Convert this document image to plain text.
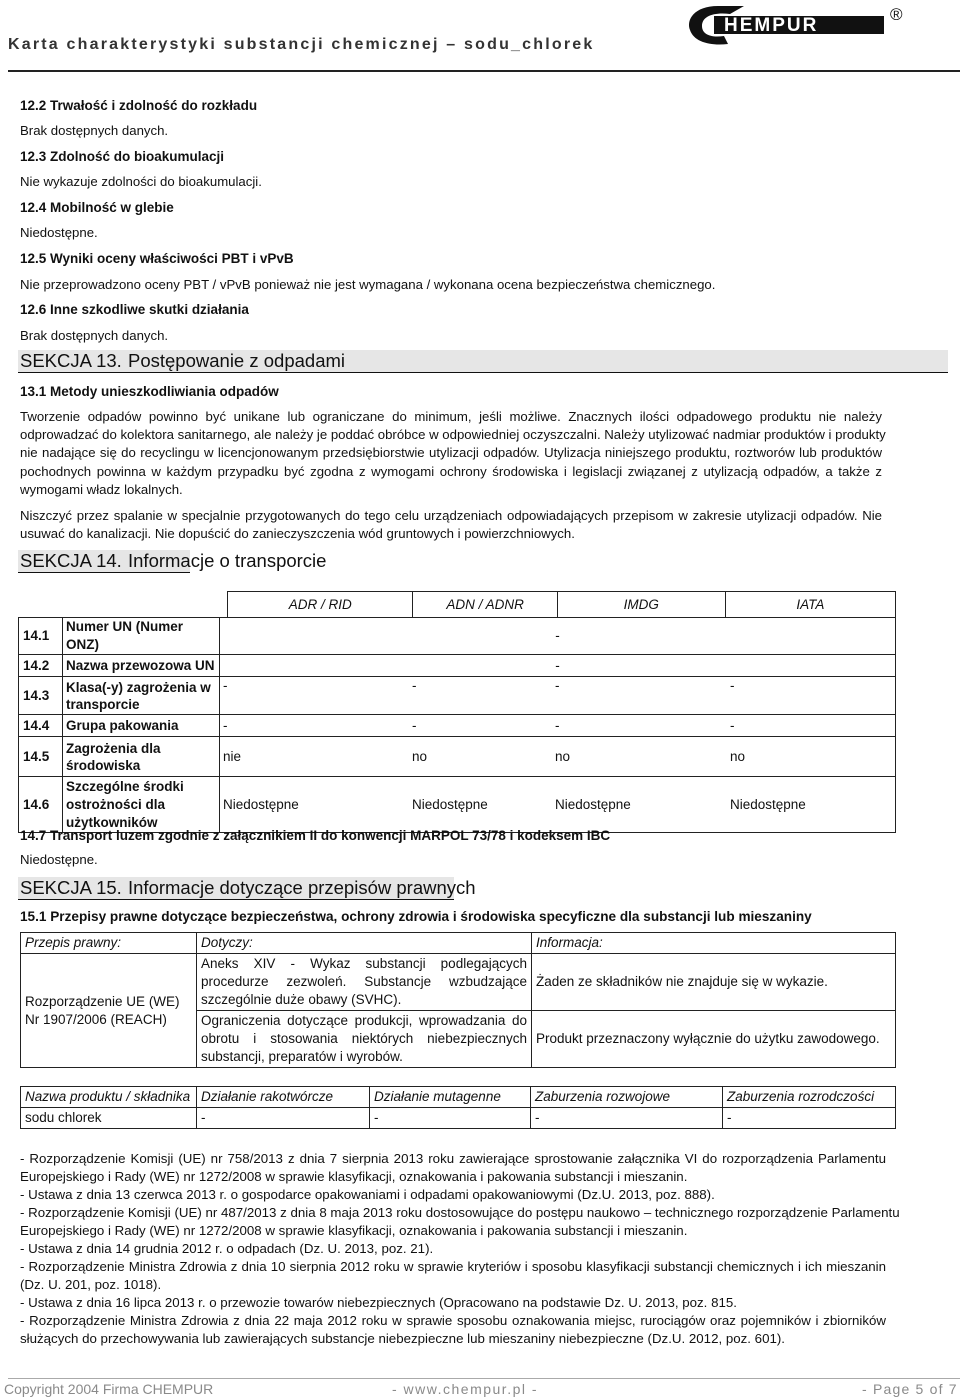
Karta charakterystyki substancji chemicznej – sodu_chlorek
HEMPUR
®
12.2 Trwałość i zdolność do rozkładu
Brak dostępnych danych.
12.3 Zdolność do bioakumulacji
Nie wykazuje zdolności do bioakumulacji.
12.4 Mobilność w glebie
Niedostępne.
12.5 Wyniki oceny właściwości PBT i vPvB
Nie przeprowadzono oceny PBT / vPvB ponieważ nie jest wymagana / wykonana ocena bezpieczeństwa chemicznego.
12.6 Inne szkodliwe skutki działania
Brak dostępnych danych.
SEKCJA 13. Postępowanie z odpadami
13.1 Metody unieszkodliwiania odpadów
Tworzenie odpadów powinno być unikane lub ograniczane do minimum, jeśli możliwe. Znacznych ilości odpadowego produktu nie należy
odprowadzać do kolektora sanitarnego, ale należy je poddać obróbce w odpowiedniej oczyszczalni. Należy utylizować nadmiar produktów i produkty
nie nadające się do recyclingu w licencjonowanym przedsiębiorstwie utylizacji odpadów. Utylizacja niniejszego produktu, roztworów lub produktów
pochodnych powinna w każdym przypadku być zgodna z wymogami ochrony środowiska i legislacji związanej z utylizacją odpadów, a także z
wymogami władz lokalnych.
Niszczyć przez spalanie w specjalnie przygotowanych do tego celu urządzeniach odpowiadających przepisom w zakresie utylizacji odpadów. Nie
usuwać do kanalizacji. Nie dopuścić do zanieczyszczenia wód gruntowych i powierzchniowych.
SEKCJA 14. Informacje o transporcie
ADR / RID	ADN / ADNR	IMDG	IATA
14.1	Numer UN (Numer ONZ)	-			
14.2	Nazwa przewozowa UN	-			
14.3	Klasa(-y) zagrożenia w transporcie	-	-	-	-
14.4	Grupa pakowania	-	-	-	-
14.5	Zagrożenia dla środowiska	nie	no	no	no
14.6	Szczególne środki ostrożności dla użytkowników	Niedostępne	Niedostępne	Niedostępne	Niedostępne
14.7 Transport luzem zgodnie z załącznikiem II do konwencji MARPOL 73/78 i kodeksem IBC
Niedostępne.
SEKCJA 15. Informacje dotyczące przepisów prawnych
15.1 Przepisy prawne dotyczące bezpieczeństwa, ochrony zdrowia i środowiska specyficzne dla substancji lub mieszaniny
Przepis prawny:	Dotyczy:	Informacja:
Rozporządzenie UE (WE) Nr 1907/2006 (REACH)	Aneks XIV - Wykaz substancji podlegających procedurze zezwoleń. Substancje wzbudzające szczególnie duże obawy (SVHC).	Żaden ze składników nie znajduje się w wykazie.
	Ograniczenia dotyczące produkcji, wprowadzania do obrotu i stosowania niektórych niebezpiecznych substancji, preparatów i wyrobów.	Produkt przeznaczony wyłącznie do użytku zawodowego.
Nazwa produktu / składnika	Działanie rakotwórcze	Działanie mutagenne	Zaburzenia rozwojowe	Zaburzenia rozrodczości
sodu chlorek	-	-	-	-
- Rozporządzenie Komisji (UE) nr 758/2013 z dnia 7 sierpnia 2013 roku zawierające sprostowanie załącznika VI do rozporządzenia Parlamentu
Europejskiego i Rady (WE) nr 1272/2008 w sprawie klasyfikacji, oznakowania i pakowania substancji i mieszanin.
- Ustawa z dnia 13 czerwca 2013 r. o gospodarce opakowaniami i odpadami opakowaniowymi (Dz.U. 2013, poz. 888).
- Rozporządzenie Komisji (UE) nr 487/2013 z dnia 8 maja 2013 roku dostosowujące do postępu naukowo – technicznego rozporządzenie Parlamentu
Europejskiego i Rady (WE) nr 1272/2008 w sprawie klasyfikacji, oznakowania i pakowania substancji i mieszanin.
- Ustawa z dnia 14 grudnia 2012 r. o odpadach (Dz. U. 2013, poz. 21).
- Rozporządzenie Ministra Zdrowia z dnia 10 sierpnia 2012 roku w sprawie kryteriów i sposobu klasyfikacji substancji chemicznych i ich mieszanin
(Dz. U. 201, poz. 1018).
- Ustawa z dnia 16 lipca 2013 r. o przewozie towarów niebezpiecznych (Opracowano na podstawie Dz. U. 2013, poz. 815.
- Rozporządzenie Ministra Zdrowia z dnia 22 maja 2012 roku w sprawie sposobu oznakowania miejsc, rurociągów oraz pojemników i zbiorników
służących do przechowywania lub zawierających substancje niebezpieczne lub mieszaniny niebezpieczne (Dz.U. 2012, poz. 601).
Copyright 2004 Firma CHEMPUR	- www.chempur.pl -	- Page 5 of 7
